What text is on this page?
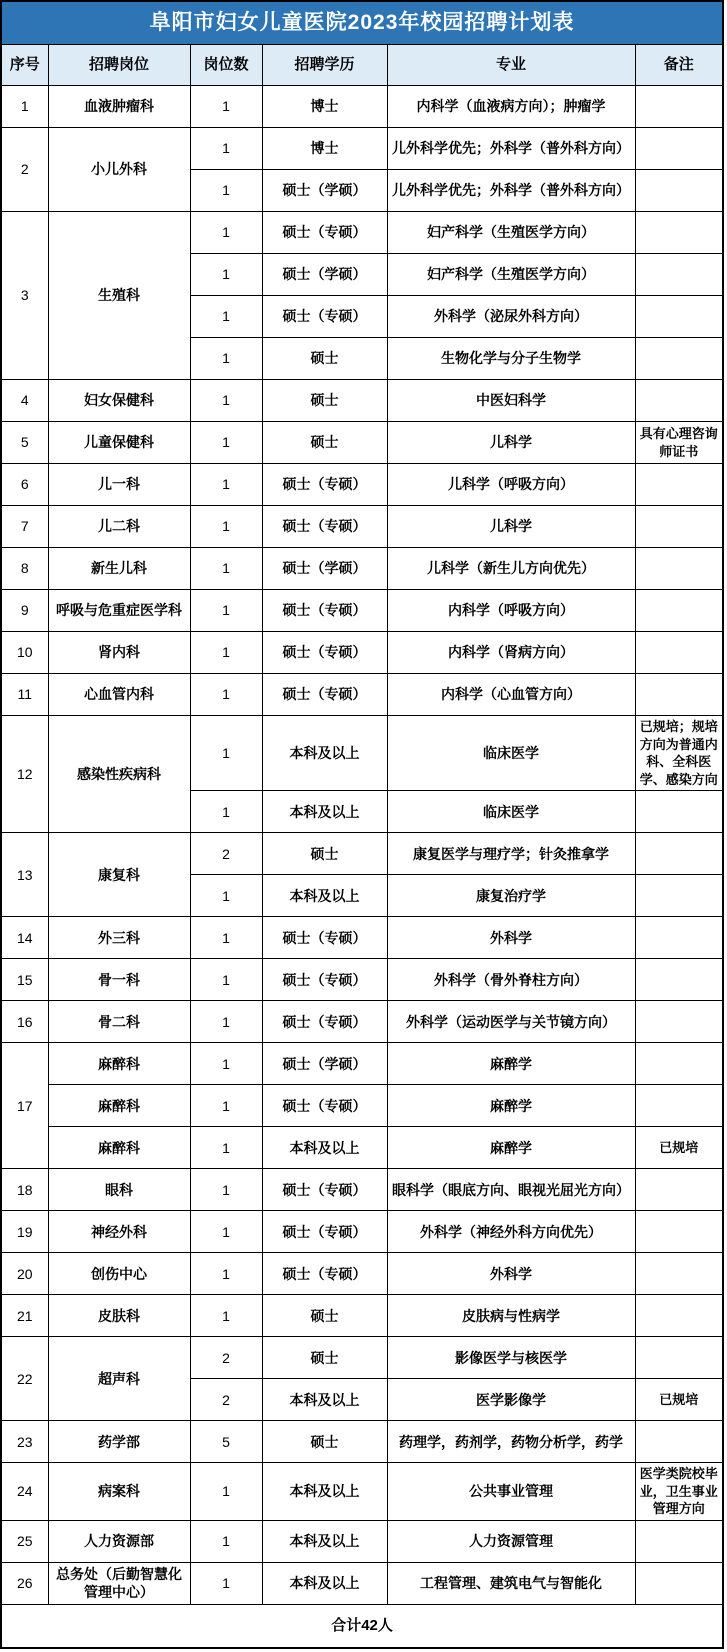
阜阳市妇女儿童医院2023年校园招聘计划表					
序号	招聘岗位	岗位数	招聘学历	专业	备注
1	血液肿瘤科	1	博士	内科学（血液病方向）；肿瘤学	
2	小儿外科	1	博士	儿外科学优先；外科学（普外科方向）	
		1	硕士（学硕）	儿外科学优先；外科学（普外科方向）	
3	生殖科	1	硕士（专硕）	妇产科学（生殖医学方向）	
		1	硕士（学硕）	妇产科学（生殖医学方向）	
		1	硕士（专硕）	外科学（泌尿外科方向）	
		1	硕士	生物化学与分子生物学	
4	妇女保健科	1	硕士	中医妇科学	
5	儿童保健科	1	硕士	儿科学	具有心理咨询师证书
6	儿一科	1	硕士（专硕）	儿科学（呼吸方向）	
7	儿二科	1	硕士（专硕）	儿科学	
8	新生儿科	1	硕士（学硕）	儿科学（新生儿方向优先）	
9	呼吸与危重症医学科	1	硕士（专硕）	内科学（呼吸方向）	
10	肾内科	1	硕士（专硕）	内科学（肾病方向）	
11	心血管内科	1	硕士（专硕）	内科学（心血管方向）	
12	感染性疾病科	1	本科及以上	临床医学	已规培；规培方向为普通内科、全科医学、感染方向
		1	本科及以上	临床医学	
13	康复科	2	硕士	康复医学与理疗学；针灸推拿学	
		1	本科及以上	康复治疗学	
14	外三科	1	硕士（专硕）	外科学	
15	骨一科	1	硕士（专硕）	外科学（骨外脊柱方向）	
16	骨二科	1	硕士（专硕）	外科学（运动医学与关节镜方向）	
17	麻醉科	1	硕士（学硕）	麻醉学	
	麻醉科	1	硕士（专硕）	麻醉学	
	麻醉科	1	本科及以上	麻醉学	已规培
18	眼科	1	硕士（专硕）	眼科学（眼底方向、眼视光屈光方向）	
19	神经外科	1	硕士（专硕）	外科学（神经外科方向优先）	
20	创伤中心	1	硕士（专硕）	外科学	
21	皮肤科	1	硕士	皮肤病与性病学	
22	超声科	2	硕士	影像医学与核医学	
		2	本科及以上	医学影像学	已规培
23	药学部	5	硕士	药理学，药剂学，药物分析学，药学	
24	病案科	1	本科及以上	公共事业管理	医学类院校毕业，卫生事业管理方向
25	人力资源部	1	本科及以上	人力资源管理	
26	总务处（后勤智慧化管理中心）	1	本科及以上	工程管理、建筑电气与智能化	
合计42人					
